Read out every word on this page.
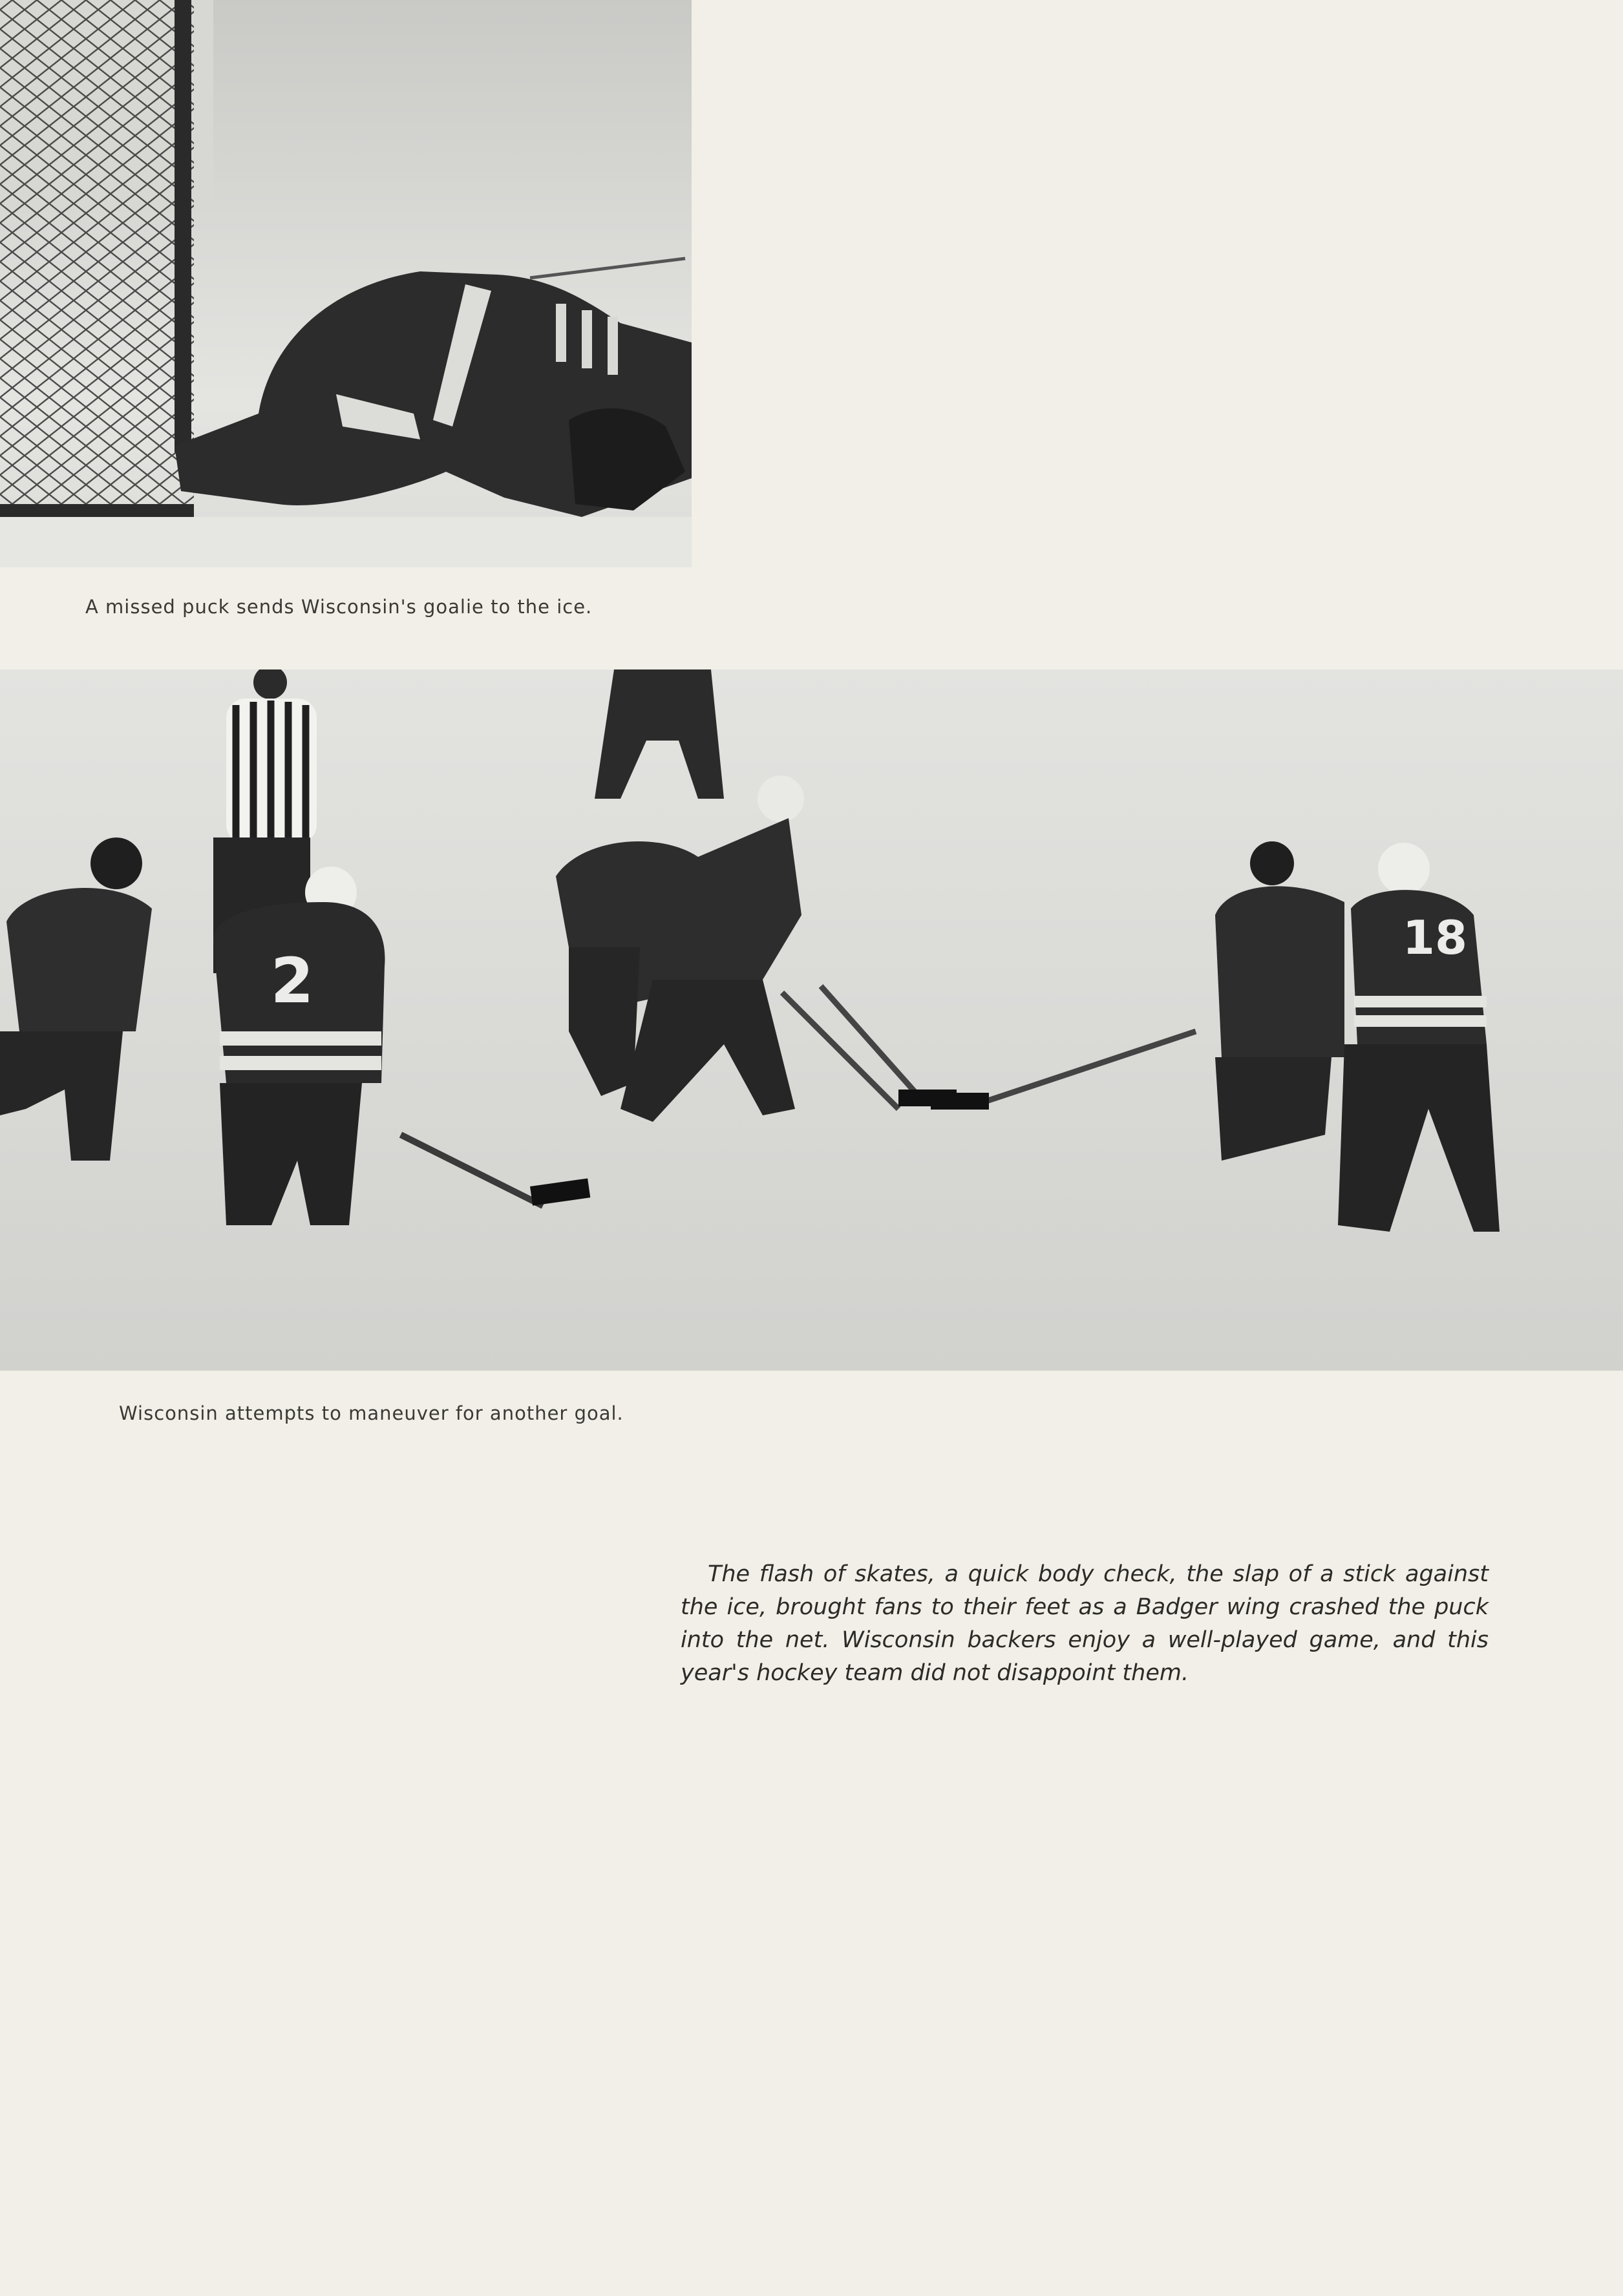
A missed puck sends Wisconsin's goalie to the ice.

2
18

Wisconsin attempts to maneuver for another goal.

The flash of skates, a quick body check, the slap of a stick against the ice, brought fans to their feet as a Badger wing crashed the puck into the net. Wisconsin backers enjoy a well-played game, and this year's hockey team did not disappoint them.
